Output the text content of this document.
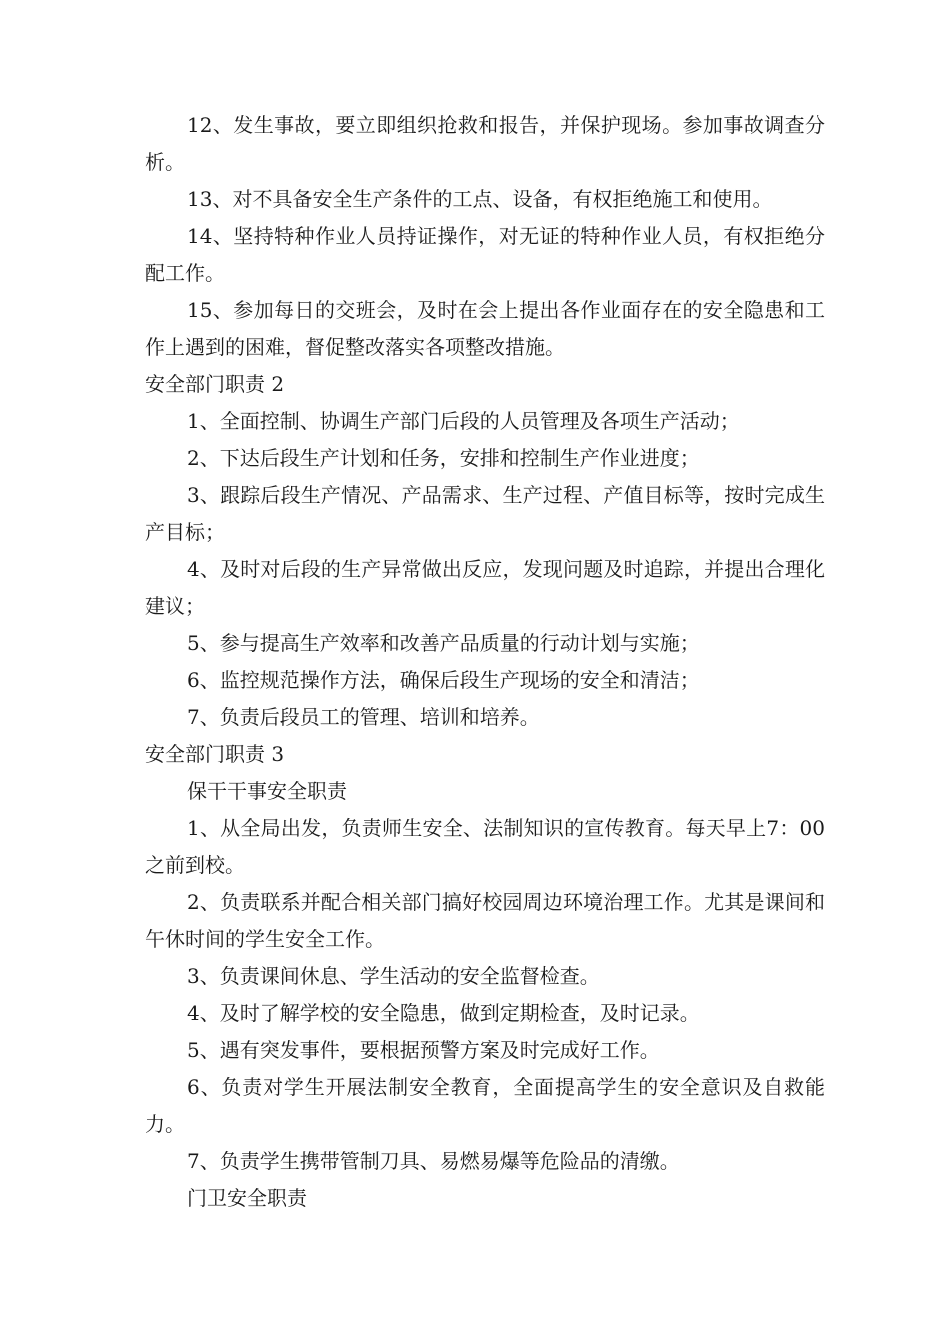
12、发生事故，要立即组织抢救和报告，并保护现场。参加事故调查分析。

13、对不具备安全生产条件的工点、设备，有权拒绝施工和使用。

14、坚持特种作业人员持证操作，对无证的特种作业人员，有权拒绝分配工作。

15、参加每日的交班会，及时在会上提出各作业面存在的安全隐患和工作上遇到的困难，督促整改落实各项整改措施。

安全部门职责 2

1、全面控制、协调生产部门后段的人员管理及各项生产活动；

2、下达后段生产计划和任务，安排和控制生产作业进度；

3、跟踪后段生产情况、产品需求、生产过程、产值目标等，按时完成生产目标；

4、及时对后段的生产异常做出反应，发现问题及时追踪，并提出合理化建议；

5、参与提高生产效率和改善产品质量的行动计划与实施；

6、监控规范操作方法，确保后段生产现场的安全和清洁；

7、负责后段员工的管理、培训和培养。

安全部门职责 3

保干干事安全职责

1、从全局出发，负责师生安全、法制知识的宣传教育。每天早上7：00 之前到校。

2、负责联系并配合相关部门搞好校园周边环境治理工作。尤其是课间和午休时间的学生安全工作。

3、负责课间休息、学生活动的安全监督检查。

4、及时了解学校的安全隐患，做到定期检查，及时记录。

5、遇有突发事件，要根据预警方案及时完成好工作。

6、负责对学生开展法制安全教育，全面提高学生的安全意识及自救能力。

7、负责学生携带管制刀具、易燃易爆等危险品的清缴。

门卫安全职责
